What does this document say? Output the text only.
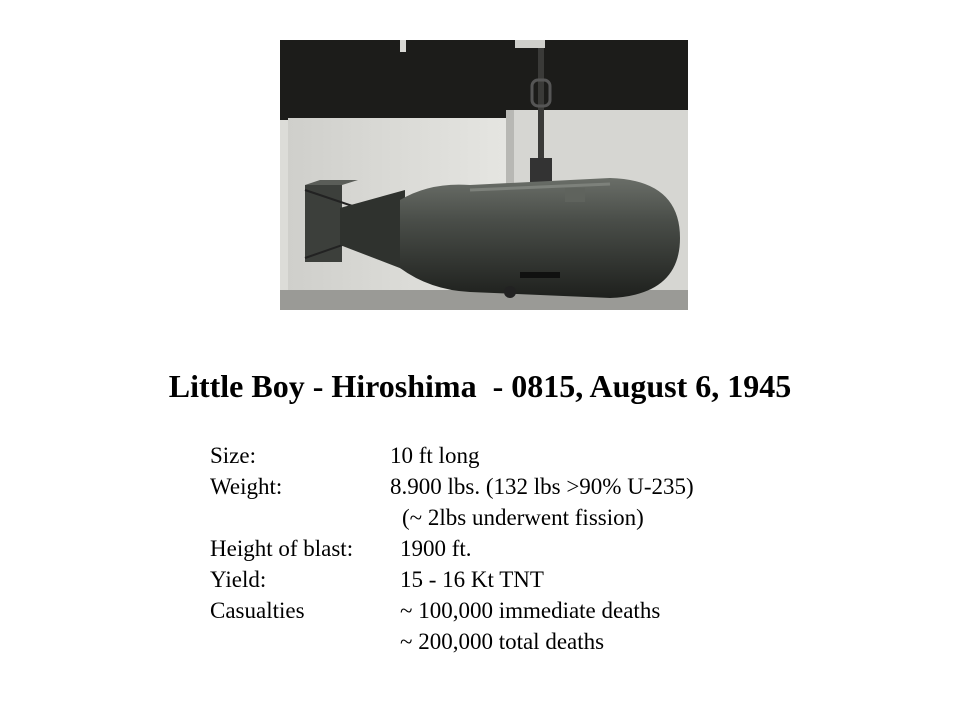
Little Boy - Hiroshima  - 0815, August 6, 1945
Size:	10 ft long
Weight:	8.900 lbs. (132 lbs >90% U-235)
(~ 2lbs underwent fission)
Height of blast: 1900 ft.
Yield:	15 - 16 Kt TNT
Casualties	~ 100,000 immediate deaths
~ 200,000 total deaths
